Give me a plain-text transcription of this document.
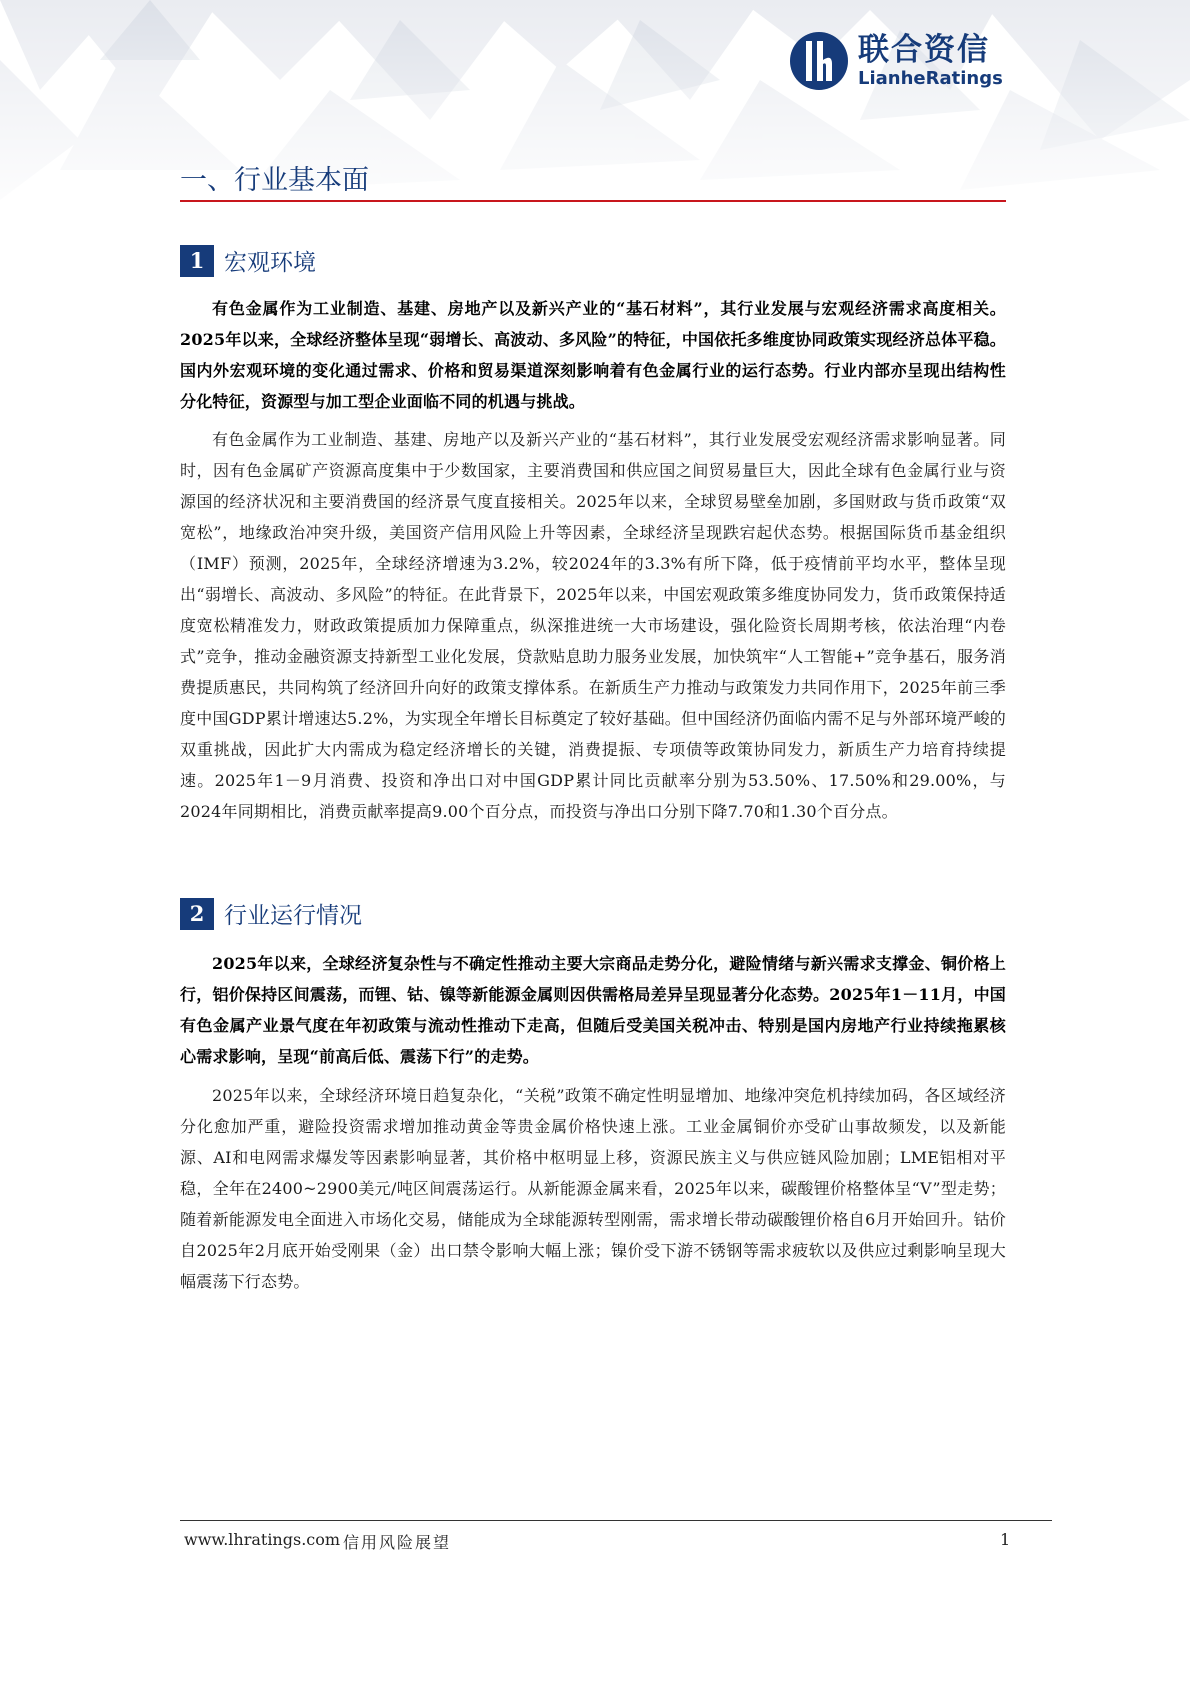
联合资信
LianheRatings
一、行业基本面
1 宏观环境

有色金属作为工业制造、基建、房地产以及新兴产业的“基石材料”，其行业发展与宏观经济需求高度相关。2025年以来，全球经济整体呈现“弱增长、高波动、多风险”的特征，中国依托多维度协同政策实现经济总体平稳。国内外宏观环境的变化通过需求、价格和贸易渠道深刻影响着有色金属行业的运行态势。行业内部亦呈现出结构性分化特征，资源型与加工型企业面临不同的机遇与挑战。

有色金属作为工业制造、基建、房地产以及新兴产业的“基石材料”，其行业发展受宏观经济需求影响显著。同时，因有色金属矿产资源高度集中于少数国家，主要消费国和供应国之间贸易量巨大，因此全球有色金属行业与资源国的经济状况和主要消费国的经济景气度直接相关。2025年以来，全球贸易壁垒加剧，多国财政与货币政策“双宽松”，地缘政治冲突升级，美国资产信用风险上升等因素，全球经济呈现跌宕起伏态势。根据国际货币基金组织（IMF）预测，2025年，全球经济增速为3.2%，较2024年的3.3%有所下降，低于疫情前平均水平，整体呈现出“弱增长、高波动、多风险”的特征。在此背景下，2025年以来，中国宏观政策多维度协同发力，货币政策保持适度宽松精准发力，财政政策提质加力保障重点，纵深推进统一大市场建设，强化险资长周期考核，依法治理“内卷式”竞争，推动金融资源支持新型工业化发展，贷款贴息助力服务业发展，加快筑牢“人工智能+”竞争基石，服务消费提质惠民，共同构筑了经济回升向好的政策支撑体系。在新质生产力推动与政策发力共同作用下，2025年前三季度中国GDP累计增速达5.2%，为实现全年增长目标奠定了较好基础。但中国经济仍面临内需不足与外部环境严峻的双重挑战，因此扩大内需成为稳定经济增长的关键，消费提振、专项债等政策协同发力，新质生产力培育持续提速。2025年1－9月消费、投资和净出口对中国GDP累计同比贡献率分别为53.50%、17.50%和29.00%，与2024年同期相比，消费贡献率提高9.00个百分点，而投资与净出口分别下降7.70和1.30个百分点。

2 行业运行情况

2025年以来，全球经济复杂性与不确定性推动主要大宗商品走势分化，避险情绪与新兴需求支撑金、铜价格上行，铝价保持区间震荡，而锂、钴、镍等新能源金属则因供需格局差异呈现显著分化态势。2025年1－11月，中国有色金属产业景气度在年初政策与流动性推动下走高，但随后受美国关税冲击、特别是国内房地产行业持续拖累核心需求影响，呈现“前高后低、震荡下行”的走势。

2025年以来，全球经济环境日趋复杂化，“关税”政策不确定性明显增加、地缘冲突危机持续加码，各区域经济分化愈加严重，避险投资需求增加推动黄金等贵金属价格快速上涨。工业金属铜价亦受矿山事故频发，以及新能源、AI和电网需求爆发等因素影响显著，其价格中枢明显上移，资源民族主义与供应链风险加剧；LME铝相对平稳，全年在2400~2900美元/吨区间震荡运行。从新能源金属来看，2025年以来，碳酸锂价格整体呈“V”型走势；随着新能源发电全面进入市场化交易，储能成为全球能源转型刚需，需求增长带动碳酸锂价格自6月开始回升。钴价自2025年2月底开始受刚果（金）出口禁令影响大幅上涨；镍价受下游不锈钢等需求疲软以及供应过剩影响呈现大幅震荡下行态势。

www.lhratings.com 信用风险展望	1
